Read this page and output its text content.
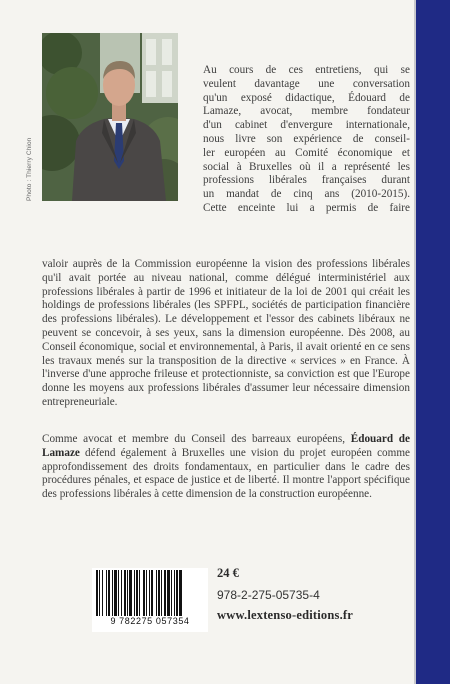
Photo : Thierry Chion
Au cours de ces entretiens, qui se
veulent davantage une conversation
qu'un exposé didactique, Édouard de
Lamaze, avocat, membre fondateur
d'un cabinet d'envergure internationale,
nous livre son expérience de conseil-
ler européen au Comité économique et
social à Bruxelles où il a représenté les
professions libérales françaises durant
un mandat de cinq ans (2010-2015).
Cette enceinte lui a permis de faire
valoir auprès de la Commission européenne la vision des professions libérales qu'il avait portée au niveau national, comme délégué interministériel aux professions libérales à partir de 1996 et initiateur de la loi de 2001 qui créait les holdings de professions libérales (les SPFPL, sociétés de participation financière des professions libérales). Le développement et l'essor des cabinets libéraux ne peuvent se concevoir, à ses yeux, sans la dimension européenne. Dès 2008, au Conseil économique, social et environnemental, à Paris, il avait orienté en ce sens les travaux menés sur la transposition de la directive « services » en France. À l'inverse d'une approche frileuse et protectionniste, sa conviction est que l'Europe donne les moyens aux professions libérales d'assumer leur nécessaire dimension entrepreneuriale.
Comme avocat et membre du Conseil des barreaux européens, Édouard de Lamaze défend également à Bruxelles une vision du projet européen comme approfondissement des droits fondamentaux, en particulier dans le cadre des procédures pénales, et espace de justice et de liberté. Il montre l'apport spécifique des professions libérales à cette dimension de la construction européenne.
9 782275 057354
24 €
978-2-275-05735-4
www.lextenso-editions.fr
